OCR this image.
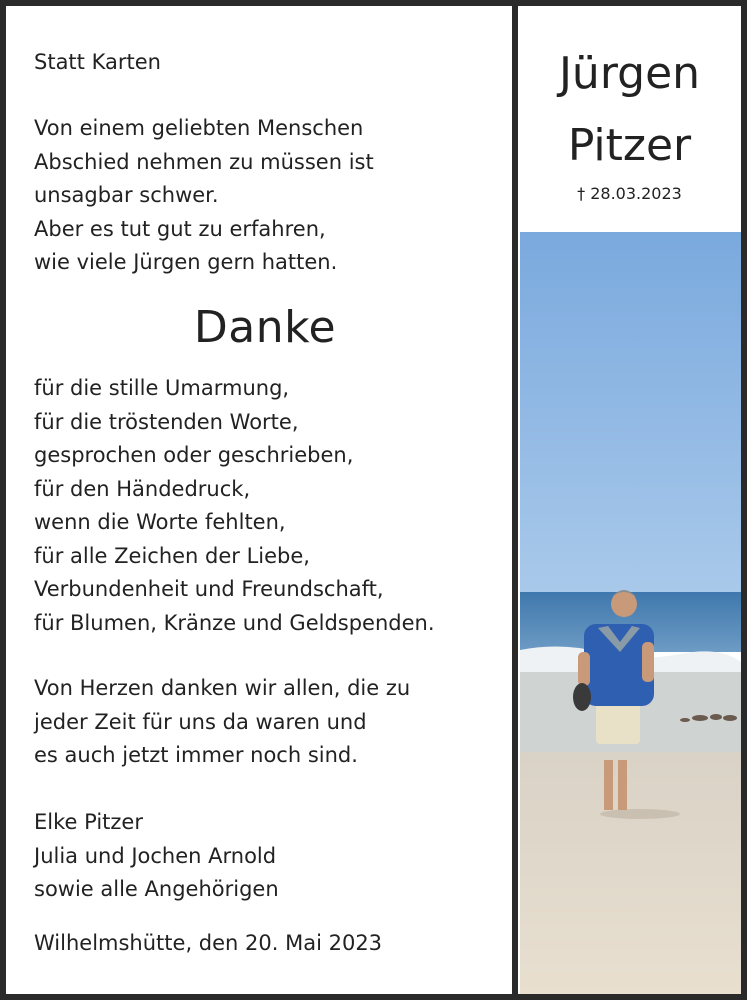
Statt Karten
Von einem geliebten Menschen
Abschied nehmen zu müssen ist
unsagbar schwer.
Aber es tut gut zu erfahren,
wie viele Jürgen gern hatten.
Danke
für die stille Umarmung,
für die tröstenden Worte,
gesprochen oder geschrieben,
für den Händedruck,
wenn die Worte fehlten,
für alle Zeichen der Liebe,
Verbundenheit und Freundschaft,
für Blumen, Kränze und Geldspenden.
Von Herzen danken wir allen, die zu
jeder Zeit für uns da waren und
es auch jetzt immer noch sind.
Elke Pitzer
Julia und Jochen Arnold
sowie alle Angehörigen
Wilhelmshütte, den 20. Mai 2023
Jürgen
Pitzer
† 28.03.2023
